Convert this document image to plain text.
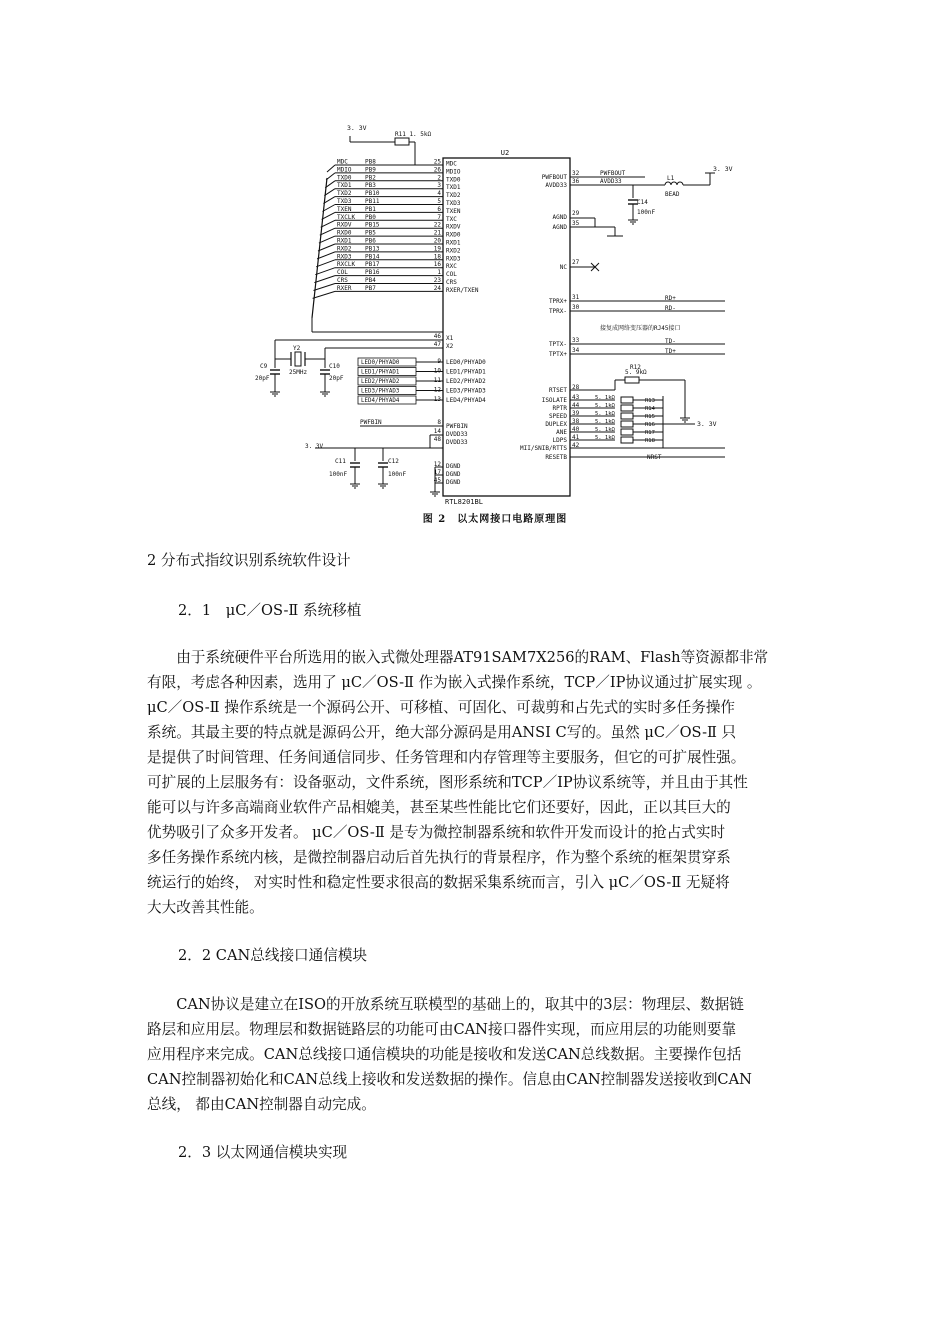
U2
RTL8201BL
MDC	PB8	25 MDC
MDIO PB9	26 MDIO
TXD0 PB2	2 TXD0
TXD1 PB3	3 TXD1
TXD2 PB10	4 TXD2
TXD3 PB11	5 TXD3
TXEN PB1	6 TXEN
TXCLK PB0	7 TXC
RXDV PB15	22 RXDV
RXD0 PB5	21 RXD0
RXD1 PB6	20 RXD1
RXD2 PB13	19 RXD2
RXD3 PB14	18 RXD3
RXCLK PB17	16 RXC
COL	PB16	1 COL
CRS	PB4	23 CRS
RXER PB7	24 RXER/TXEN
3. 3V
R11 1. 5kΩ
46 X1
47 X2
Y2
25MHz
C9
20pF
C10
20pF
LED0/PHYAD0	9 LED0/PHYAD0
LED1/PHYAD1	10 LED1/PHYAD1
LED2/PHYAD2	11 LED2/PHYAD2
LED3/PHYAD3	12 LED3/PHYAD3
LED4/PHYAD4	13 LED4/PHYAD4
PWFBIN	8
PWFBIN
14 DVDD33
48 DVDD33
3. 3V
C11
100nF
C12
100nF
12 DGND
17 DGND
45 DGND
PWFBOUT
32
AVDD33
36
PWFBOUT
AVDD33
3. 3V
L1
BEAD
C14
100nF
AGND
29
AGND
35
NC
27
TPRX+
31	RD+
TPRX-
30	RD-
TPTX-
33	TD-
TPTX+
34	TD+
接复成网络变压器的RJ45接口
RTSET 28
ISOLATE 43
RPTR 44
SPEED 39
DUPLEX 38
ANE 40
LDPS 41
MII/SNIB/RTTS 42
RESETB
5. 9kΩ
R12
5. 1kΩ	R13
5. 1kΩ	R14
5. 1kΩ	R15
5. 1kΩ	R16
5. 1kΩ	R17
5. 1kΩ	R18
3. 3V
NRST
图 2　以太网接口电路原理图
2 分布式指纹识别系统软件设计
2．1　μC／OS-Ⅱ 系统移植
　　由于系统硬件平台所选用的嵌入式微处理器AT91SAM7X256的RAM、Flash等资源都非常
有限，考虑各种因素，选用了 μC／OS-Ⅱ 作为嵌入式操作系统，TCP／IP协议通过扩展实现 。
μC／OS-Ⅱ 操作系统是一个源码公开、可移植、可固化、可裁剪和占先式的实时多任务操作
系统。其最主要的特点就是源码公开，绝大部分源码是用ANSI C写的。虽然 μC／OS-Ⅱ 只
是提供了时间管理、任务间通信同步、任务管理和内存管理等主要服务，但它的可扩展性强。
可扩展的上层服务有：设备驱动，文件系统，图形系统和TCP／IP协议系统等，并且由于其性
能可以与许多高端商业软件产品相媲美，甚至某些性能比它们还要好，因此，正以其巨大的
优势吸引了众多开发者。 μC／OS-Ⅱ 是专为微控制器系统和软件开发而设计的抢占式实时
多任务操作系统内核，是微控制器启动后首先执行的背景程序，作为整个系统的框架贯穿系
统运行的始终， 对实时性和稳定性要求很高的数据采集系统而言，引入 μC／OS-Ⅱ 无疑将
大大改善其性能。
2．2 CAN总线接口通信模块
　　CAN协议是建立在ISO的开放系统互联模型的基础上的，取其中的3层：物理层、数据链
路层和应用层。物理层和数据链路层的功能可由CAN接口器件实现，而应用层的功能则要靠
应用程序来完成。CAN总线接口通信模块的功能是接收和发送CAN总线数据。主要操作包括
CAN控制器初始化和CAN总线上接收和发送数据的操作。信息由CAN控制器发送接收到CAN
总线， 都由CAN控制器自动完成。
2．3 以太网通信模块实现
